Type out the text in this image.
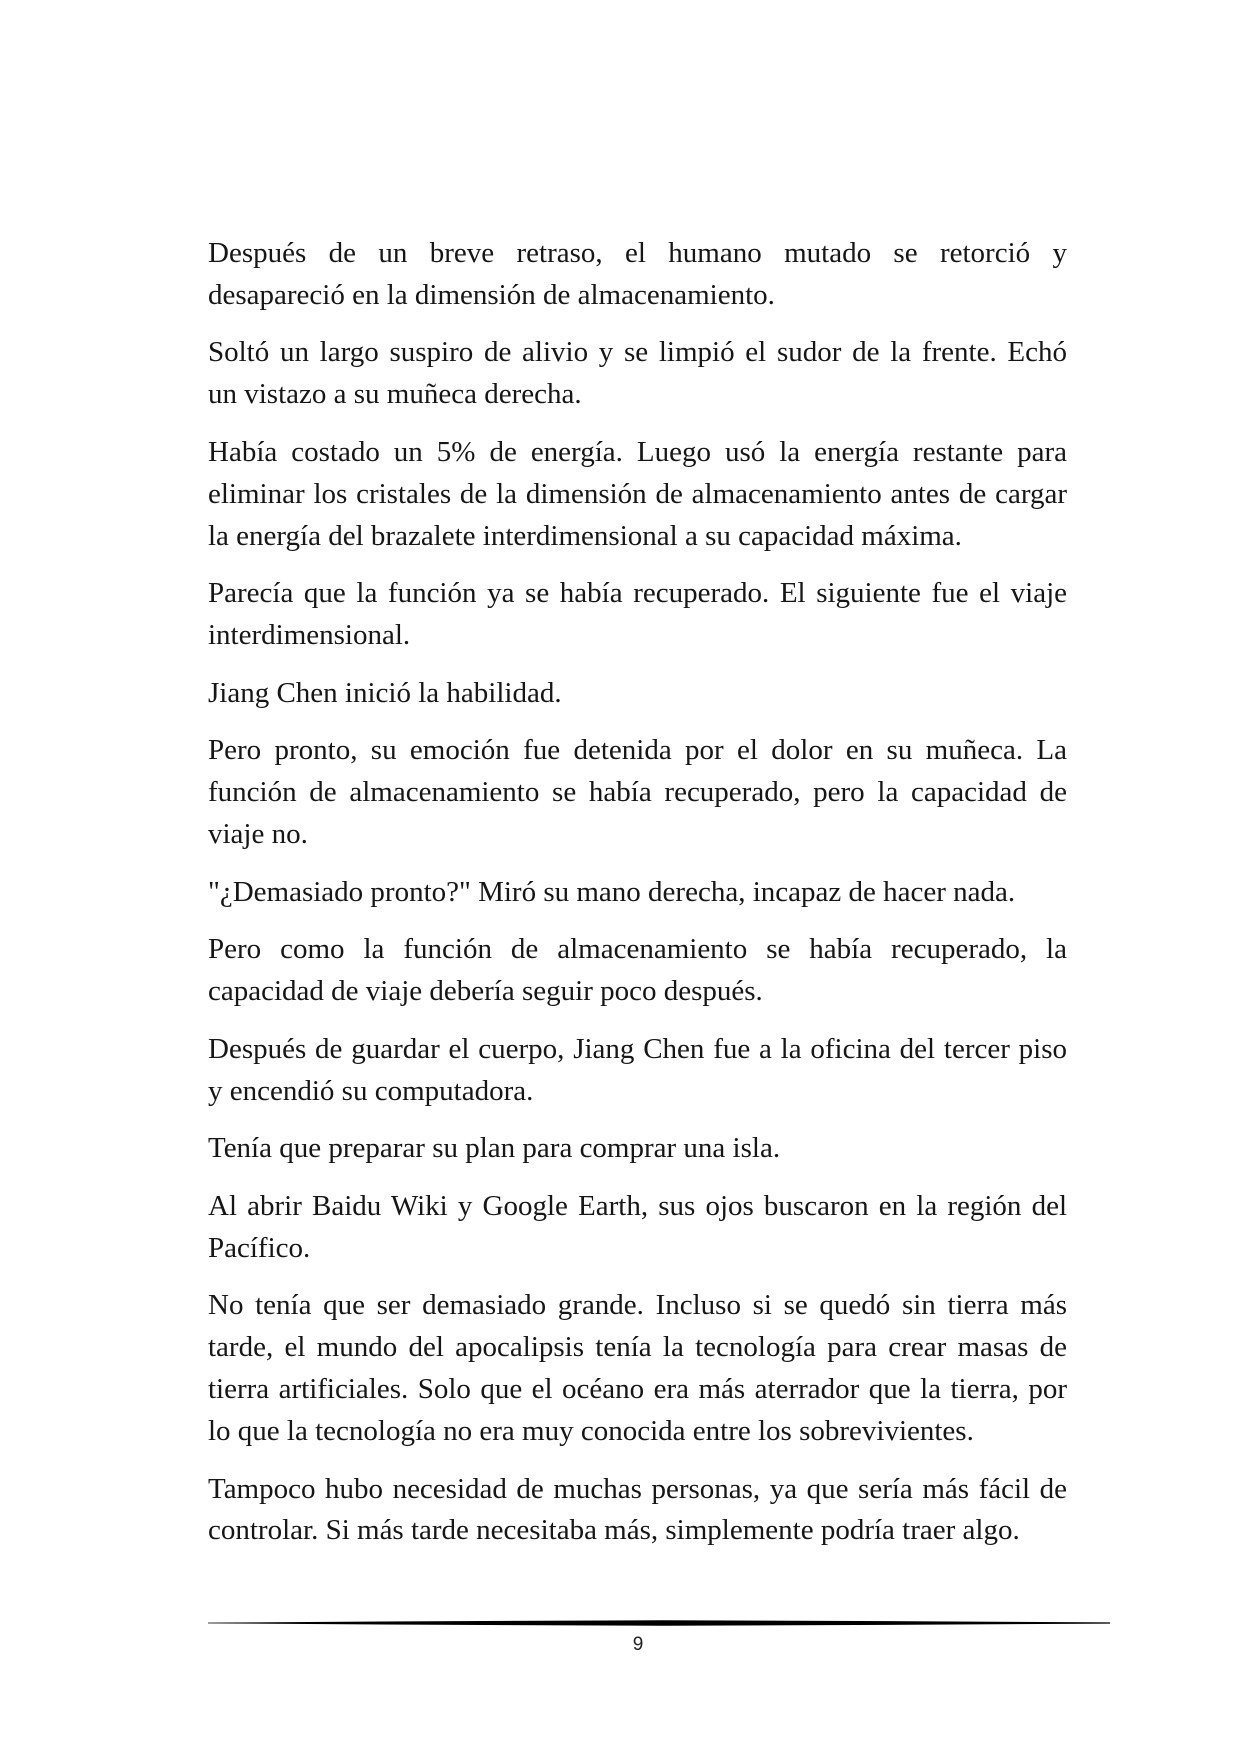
Después de un breve retraso, el humano mutado se retorció y
desapareció en la dimensión de almacenamiento.
Soltó un largo suspiro de alivio y se limpió el sudor de la frente. Echó
un vistazo a su muñeca derecha.
Había costado un 5% de energía. Luego usó la energía restante para
eliminar los cristales de la dimensión de almacenamiento antes de cargar
la energía del brazalete interdimensional a su capacidad máxima.
Parecía que la función ya se había recuperado. El siguiente fue el viaje
interdimensional.
Jiang Chen inició la habilidad.
Pero pronto, su emoción fue detenida por el dolor en su muñeca. La
función de almacenamiento se había recuperado, pero la capacidad de
viaje no.
"¿Demasiado pronto?" Miró su mano derecha, incapaz de hacer nada.
Pero como la función de almacenamiento se había recuperado, la
capacidad de viaje debería seguir poco después.
Después de guardar el cuerpo, Jiang Chen fue a la oficina del tercer piso
y encendió su computadora.
Tenía que preparar su plan para comprar una isla.
Al abrir Baidu Wiki y Google Earth, sus ojos buscaron en la región del
Pacífico.
No tenía que ser demasiado grande. Incluso si se quedó sin tierra más
tarde, el mundo del apocalipsis tenía la tecnología para crear masas de
tierra artificiales. Solo que el océano era más aterrador que la tierra, por
lo que la tecnología no era muy conocida entre los sobrevivientes.
Tampoco hubo necesidad de muchas personas, ya que sería más fácil de
controlar. Si más tarde necesitaba más, simplemente podría traer algo.
9
